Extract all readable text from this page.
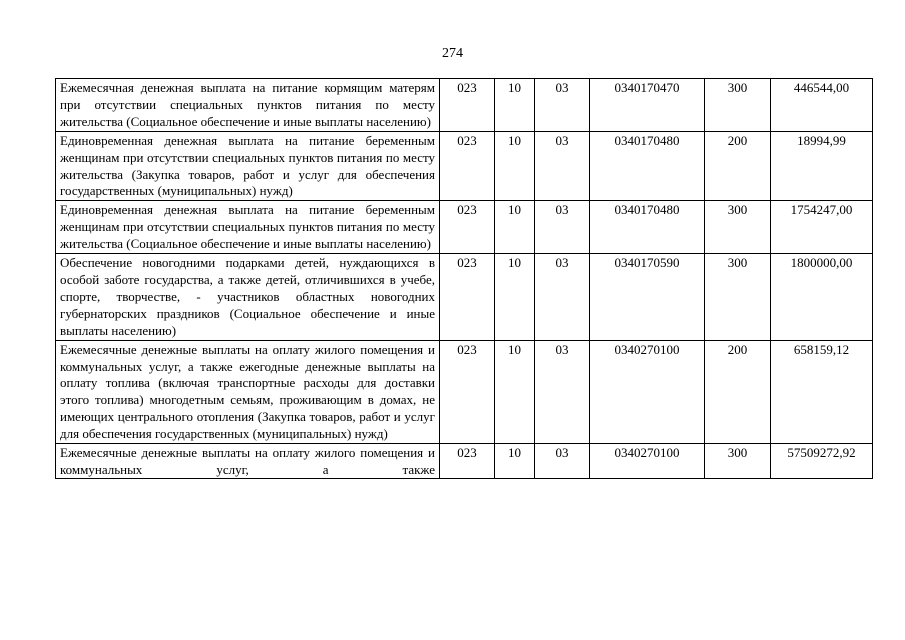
274
Ежемесячная денежная выплата на питание кормящим матерям при отсутствии специальных пунктов питания по месту жительства (Социальное обеспечение и иные выплаты населению)	023	10	03	0340170470	300	446544,00
Единовременная денежная выплата на питание беременным женщинам при отсутствии специальных пунктов питания по месту жительства (Закупка товаров, работ и услуг для обеспечения государственных (муниципальных) нужд)	023	10	03	0340170480	200	18994,99
Единовременная денежная выплата на питание беременным женщинам при отсутствии специальных пунктов питания по месту жительства (Социальное обеспечение и иные выплаты населению)	023	10	03	0340170480	300	1754247,00
Обеспечение новогодними подарками детей, нуждающихся в особой заботе государства, а также детей, отличившихся в учебе, спорте, творчестве, - участников областных новогодних губернаторских праздников (Социальное обеспечение и иные выплаты населению)	023	10	03	0340170590	300	1800000,00
Ежемесячные денежные выплаты на оплату жилого помещения и коммунальных услуг, а также ежегодные денежные выплаты на оплату топлива (включая транспортные расходы для доставки этого топлива) многодетным семьям, проживающим в домах, не имеющих центрального отопления (Закупка товаров, работ и услуг для обеспечения государственных (муниципальных) нужд)	023	10	03	0340270100	200	658159,12

Ежемесячные денежные выплаты на оплату жилого помещения и коммунальных услуг, а также	023	10	03	0340270100	300	57509272,92
